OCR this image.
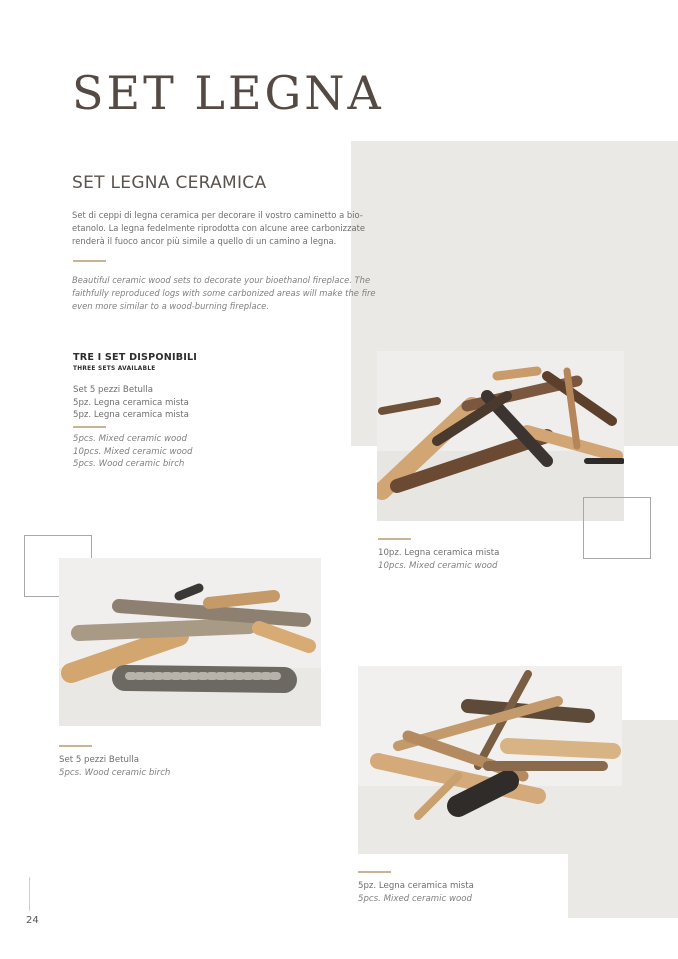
SET LEGNA
SET LEGNA CERAMICA
Set di ceppi di legna ceramica per decorare il vostro caminetto a bio-etanolo. La legna fedelmente riprodotta con alcune aree carbonizzate renderà il fuoco ancor più simile a quello di un camino a legna.
Beautiful ceramic wood sets to decorate your bioethanol fireplace. The faithfully reproduced logs with some carbonized areas will make the fire even more similar to a wood-burning fireplace.
TRE I SET DISPONIBILI
THREE SETS AVAILABLE
Set 5 pezzi Betulla
5pz. Legna ceramica mista
5pz. Legna ceramica mista
5pcs. Mixed ceramic wood
10pcs. Mixed ceramic wood
5pcs. Wood ceramic birch
10pz. Legna ceramica mista
10pcs. Mixed ceramic wood
Set 5 pezzi Betulla
5pcs. Wood ceramic birch
5pz. Legna ceramica mista
5pcs. Mixed ceramic wood
24
